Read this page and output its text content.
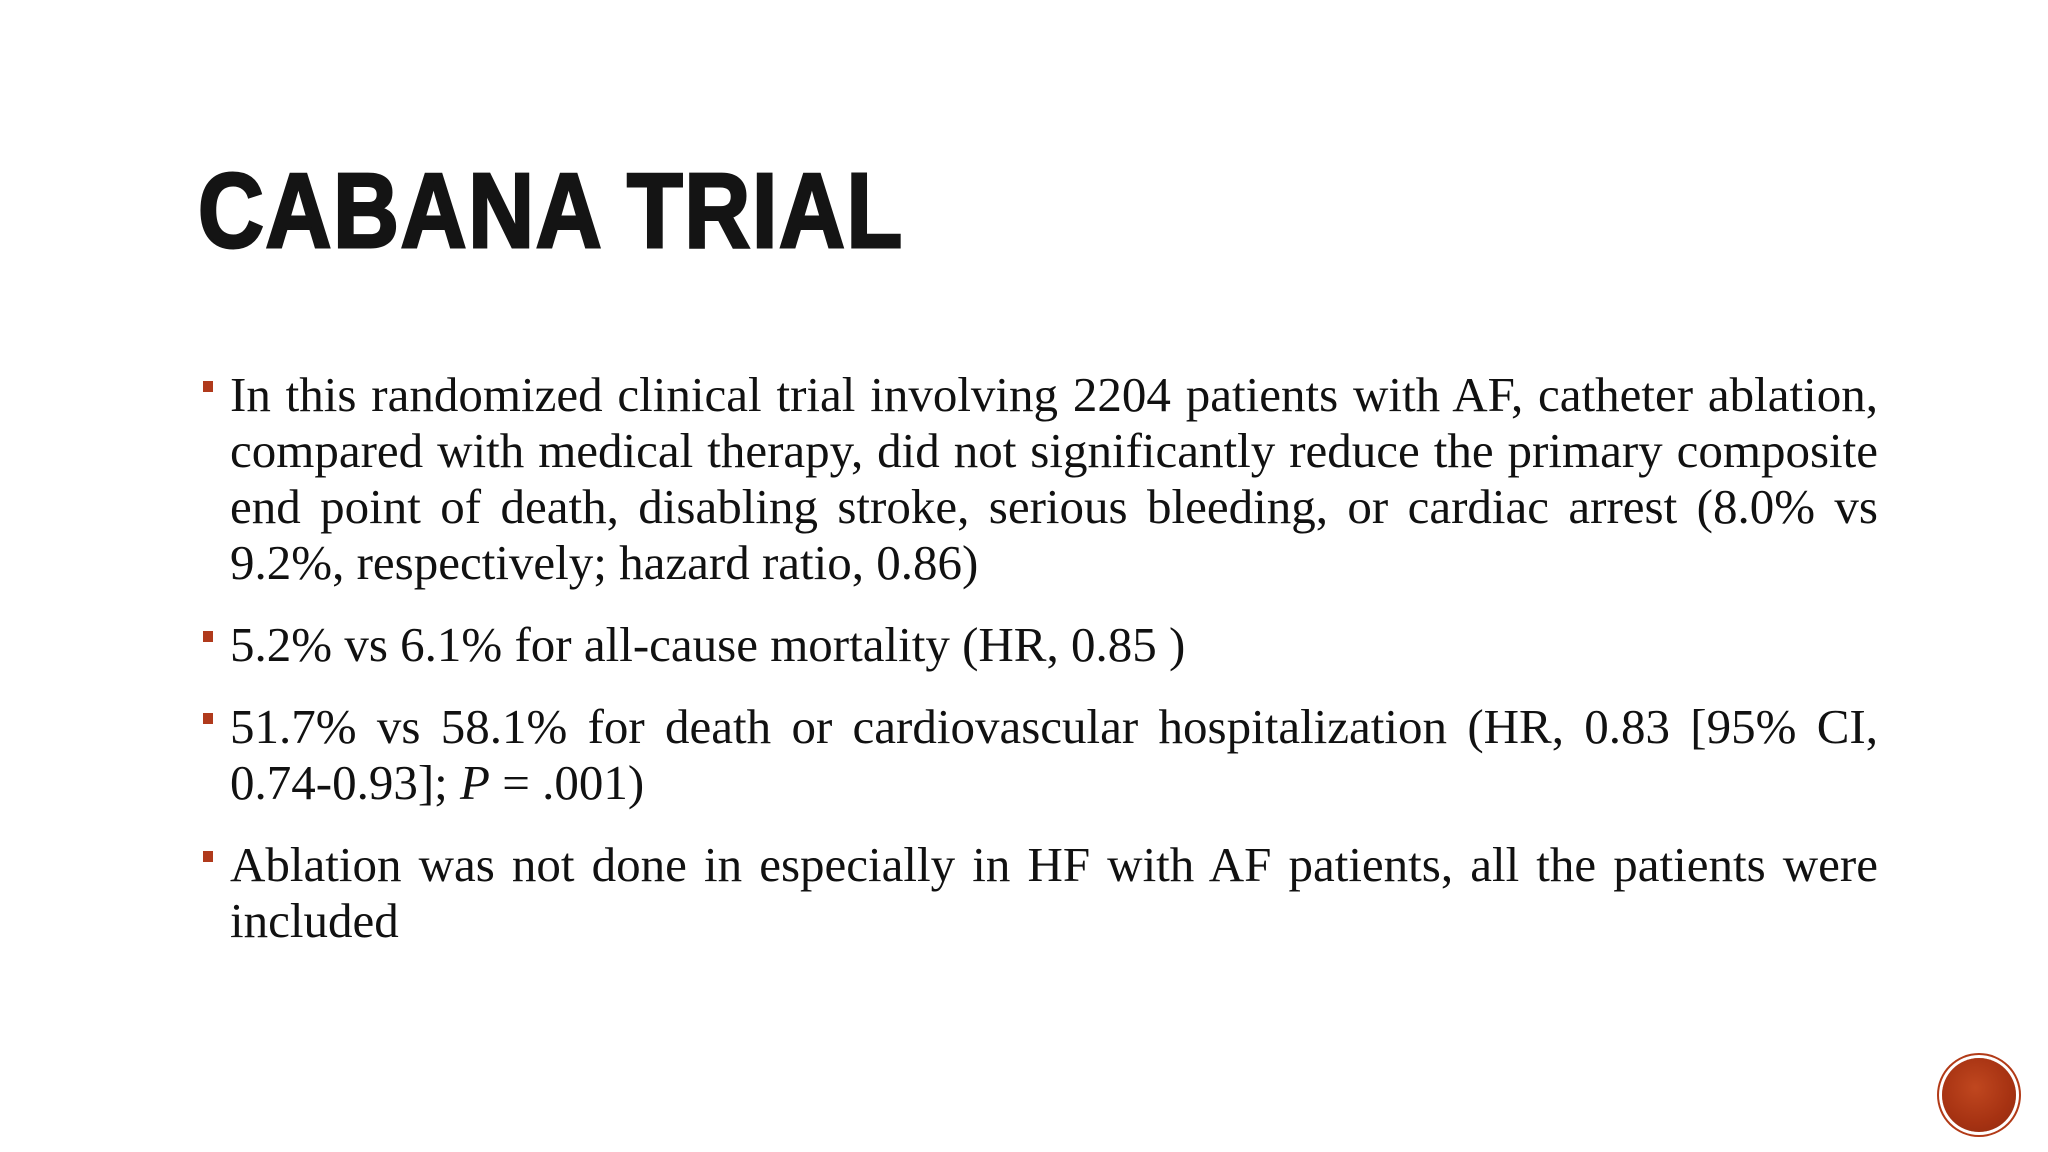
CABANA TRIAL
In this randomized clinical trial involving 2204 patients with AF, catheter ablation, compared with medical therapy, did not significantly reduce the primary composite end point of death, disabling stroke, serious bleeding, or cardiac arrest (8.0% vs 9.2%, respectively; hazard ratio, 0.86)
5.2% vs 6.1% for all-cause mortality (HR, 0.85 )
51.7% vs 58.1% for death or cardiovascular hospitalization (HR, 0.83 [95% CI, 0.74-0.93]; P = .001)
Ablation was not done in especially in HF with AF patients, all the patients were included
